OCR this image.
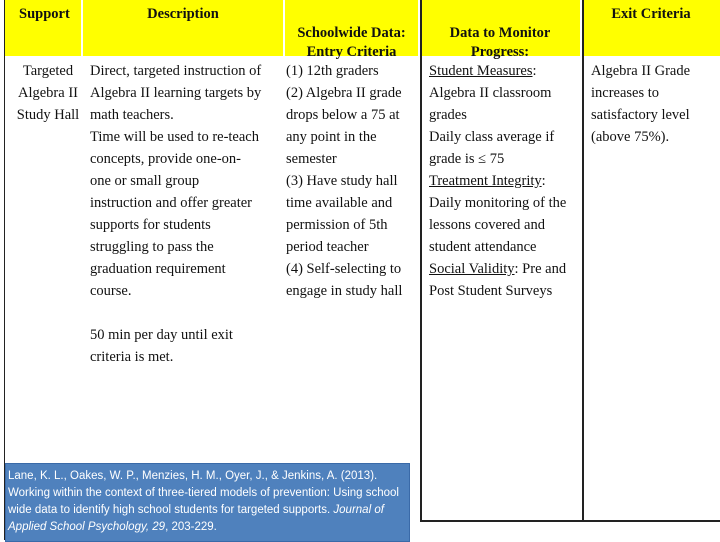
Support	Description

Schoolwide Data:
Entry Criteria

Data to Monitor
Progress:

Exit Criteria
Targeted
Algebra II
Study Hall
Direct, targeted instruction of
Algebra II learning targets by
math teachers.
Time will be used to re-teach
concepts, provide one-on-
one or small group
instruction and offer greater
supports for students
struggling to pass the
graduation requirement
course.
50 min per day until exit
criteria is met.
(1) 12th graders
(2) Algebra II grade
drops below a 75 at
any point in the
semester
(3) Have study hall
time available and
permission of 5th
period teacher
(4) Self-selecting to
engage in study hall
Student Measures:
Algebra II classroom
grades
Daily class average if
grade is ≤ 75
Treatment Integrity:
Daily monitoring of the
lessons covered and
student attendance
Social Validity: Pre and
Post Student Surveys
Algebra II Grade
increases to
satisfactory level
(above 75%).
Lane, K. L., Oakes, W. P., Menzies, H. M., Oyer, J., & Jenkins, A. (2013). Working within the context of three-tiered models of prevention: Using school wide data to identify high school students for targeted supports. Journal of Applied School Psychology, 29, 203-229.
